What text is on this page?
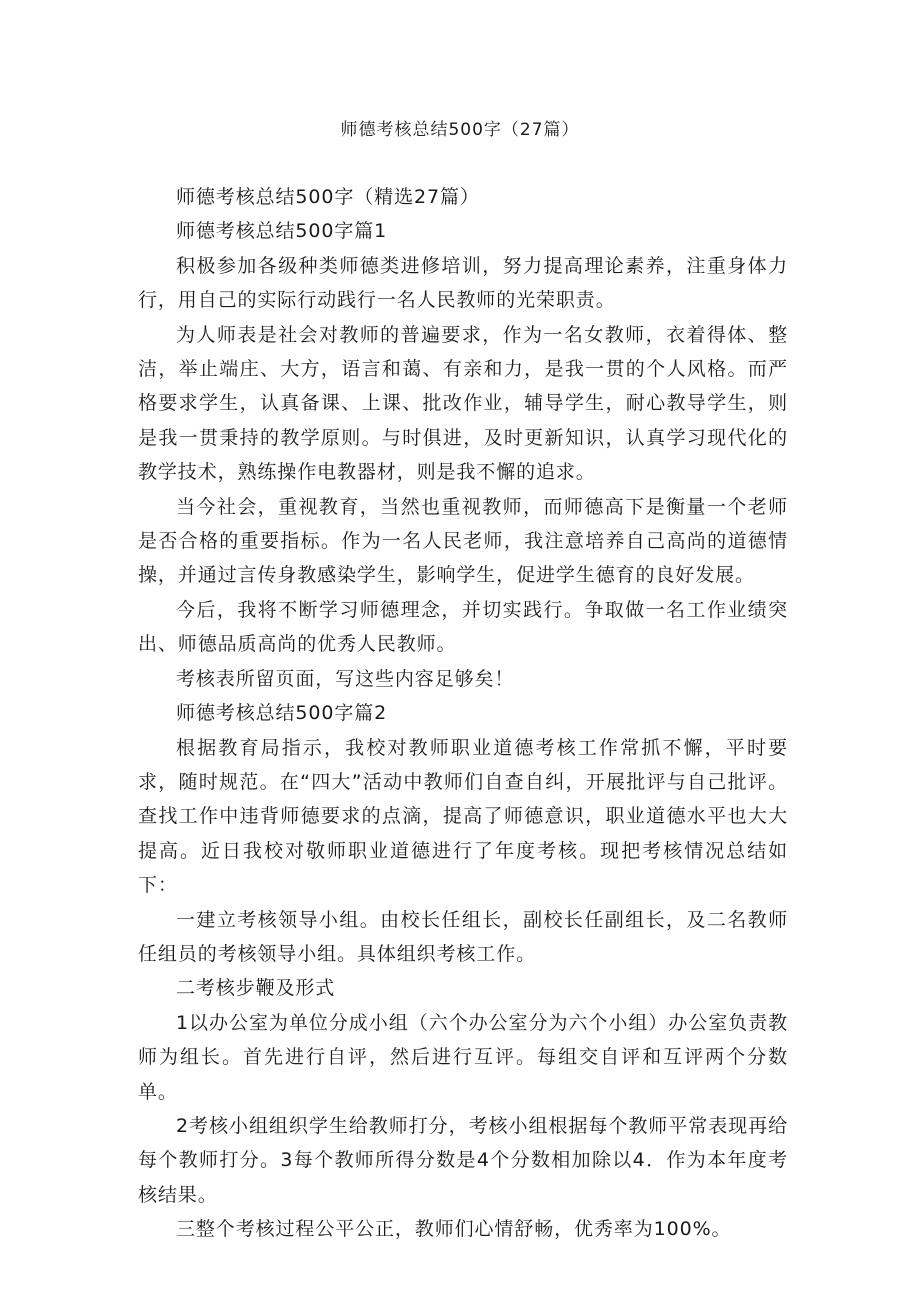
师德考核总结500字（27篇）

师德考核总结500字（精选27篇）

师德考核总结500字篇1

积极参加各级种类师德类进修培训，努力提高理论素养，注重身体力行，用自己的实际行动践行一名人民教师的光荣职责。

为人师表是社会对教师的普遍要求，作为一名女教师，衣着得体、整洁，举止端庄、大方，语言和蔼、有亲和力，是我一贯的个人风格。而严格要求学生，认真备课、上课、批改作业，辅导学生，耐心教导学生，则是我一贯秉持的教学原则。与时俱进，及时更新知识，认真学习现代化的教学技术，熟练操作电教器材，则是我不懈的追求。

当今社会，重视教育，当然也重视教师，而师德高下是衡量一个老师是否合格的重要指标。作为一名人民老师，我注意培养自己高尚的道德情操，并通过言传身教感染学生，影响学生，促进学生德育的良好发展。

今后，我将不断学习师德理念，并切实践行。争取做一名工作业绩突出、师德品质高尚的优秀人民教师。

考核表所留页面，写这些内容足够矣！

师德考核总结500字篇2

根据教育局指示，我校对教师职业道德考核工作常抓不懈，平时要求，随时规范。在“四大”活动中教师们自查自纠，开展批评与自己批评。查找工作中违背师德要求的点滴，提高了师德意识，职业道德水平也大大提高。近日我校对敬师职业道德进行了年度考核。现把考核情况总结如下：

一建立考核领导小组。由校长任组长，副校长任副组长，及二名教师任组员的考核领导小组。具体组织考核工作。

二考核步鞭及形式

1以办公室为单位分成小组（六个办公室分为六个小组）办公室负责教师为组长。首先进行自评，然后进行互评。每组交自评和互评两个分数单。

2考核小组组织学生给教师打分，考核小组根据每个教师平常表现再给每个教师打分。3每个教师所得分数是4个分数相加除以4．作为本年度考核结果。

三整个考核过程公平公正，教师们心情舒畅，优秀率为100%。
